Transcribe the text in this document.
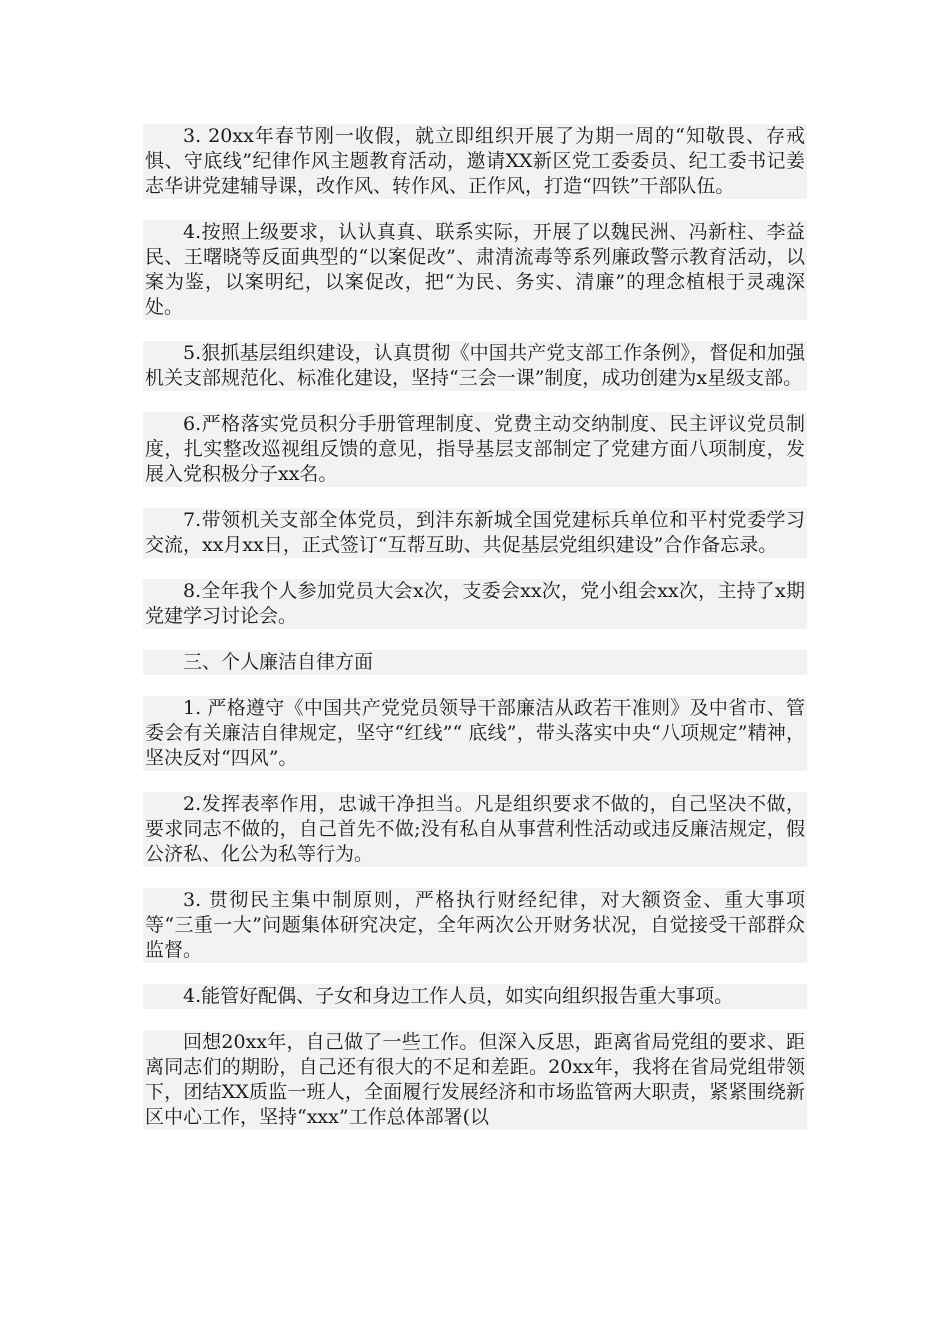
3. 20xx年春节刚一收假，就立即组织开展了为期一周的“知敬畏、存戒惧、守底线”纪律作风主题教育活动，邀请XX新区党工委委员、纪工委书记姜志华讲党建辅导课，改作风、转作风、正作风，打造“四铁”干部队伍。

4.按照上级要求，认认真真、联系实际，开展了以魏民洲、冯新柱、李益民、王曙晓等反面典型的“以案促改”、肃清流毒等系列廉政警示教育活动，以案为鉴，以案明纪，以案促改，把“为民、务实、清廉”的理念植根于灵魂深处。

5.狠抓基层组织建设，认真贯彻《中国共产党支部工作条例》，督促和加强机关支部规范化、标准化建设，坚持“三会一课”制度，成功创建为x星级支部。

6.严格落实党员积分手册管理制度、党费主动交纳制度、民主评议党员制度，扎实整改巡视组反馈的意见，指导基层支部制定了党建方面八项制度，发展入党积极分子xx名。

7.带领机关支部全体党员，到沣东新城全国党建标兵单位和平村党委学习交流，xx月xx日，正式签订“互帮互助、共促基层党组织建设”合作备忘录。

8.全年我个人参加党员大会x次，支委会xx次，党小组会xx次，主持了x期党建学习讨论会。

三、个人廉洁自律方面

1. 严格遵守《中国共产党党员领导干部廉洁从政若干准则》及中省市、管委会有关廉洁自律规定，坚守“红线”“ 底线”，带头落实中央“八项规定”精神，坚决反对“四风”。

2.发挥表率作用，忠诚干净担当。凡是组织要求不做的，自己坚决不做，要求同志不做的，自己首先不做;没有私自从事营利性活动或违反廉洁规定，假公济私、化公为私等行为。

3. 贯彻民主集中制原则，严格执行财经纪律，对大额资金、重大事项等“三重一大”问题集体研究决定，全年两次公开财务状况，自觉接受干部群众监督。

4.能管好配偶、子女和身边工作人员，如实向组织报告重大事项。

回想20xx年，自己做了一些工作。但深入反思，距离省局党组的要求、距离同志们的期盼，自己还有很大的不足和差距。20xx年，我将在省局党组带领下，团结XX质监一班人，全面履行发展经济和市场监管两大职责，紧紧围绕新区中心工作，坚持“xxx”工作总体部署(以
